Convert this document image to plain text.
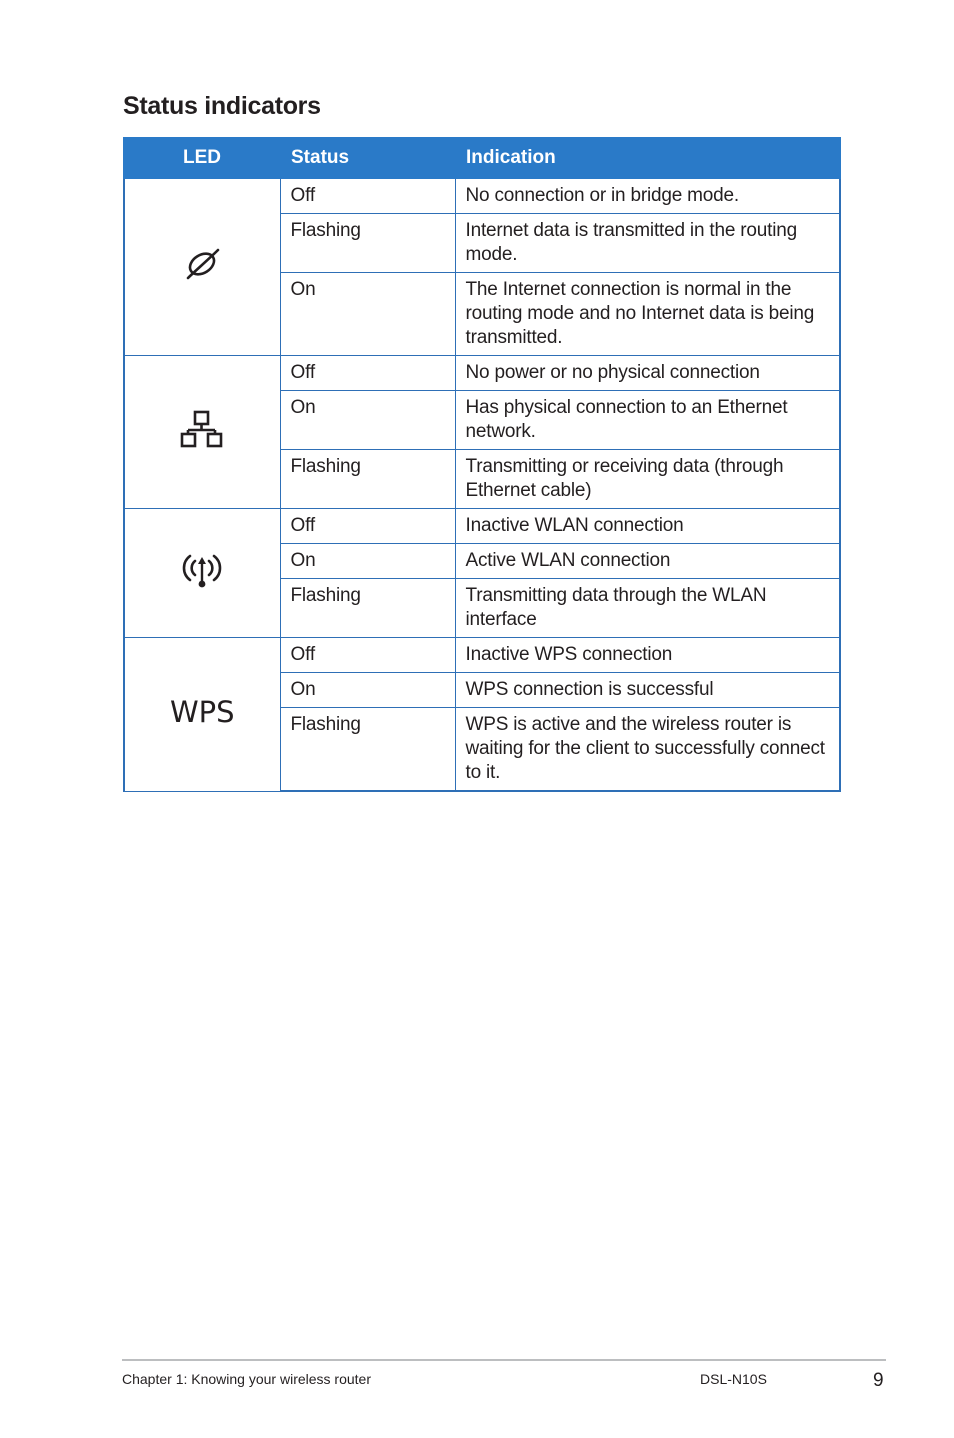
Status indicators
LED	Status	Indication
	Off	No connection or in bridge mode.
	Flashing	Internet data is transmitted in the routing mode.
	On	The Internet connection is normal in the routing mode and no Internet data is being transmitted.
	Off	No power or no physical connection
	On	Has physical connection to an Ethernet network.
	Flashing	Transmitting or receiving data (through Ethernet cable)
	Off	Inactive WLAN connection
	On	Active WLAN connection
	Flashing	Transmitting data through the WLAN interface
WPS	Off	Inactive WPS connection
	On	WPS connection is successful
	Flashing	WPS is active and the wireless router is waiting for the client to successfully connect to it.
Chapter 1: Knowing your wireless router	DSL-N10S	9
